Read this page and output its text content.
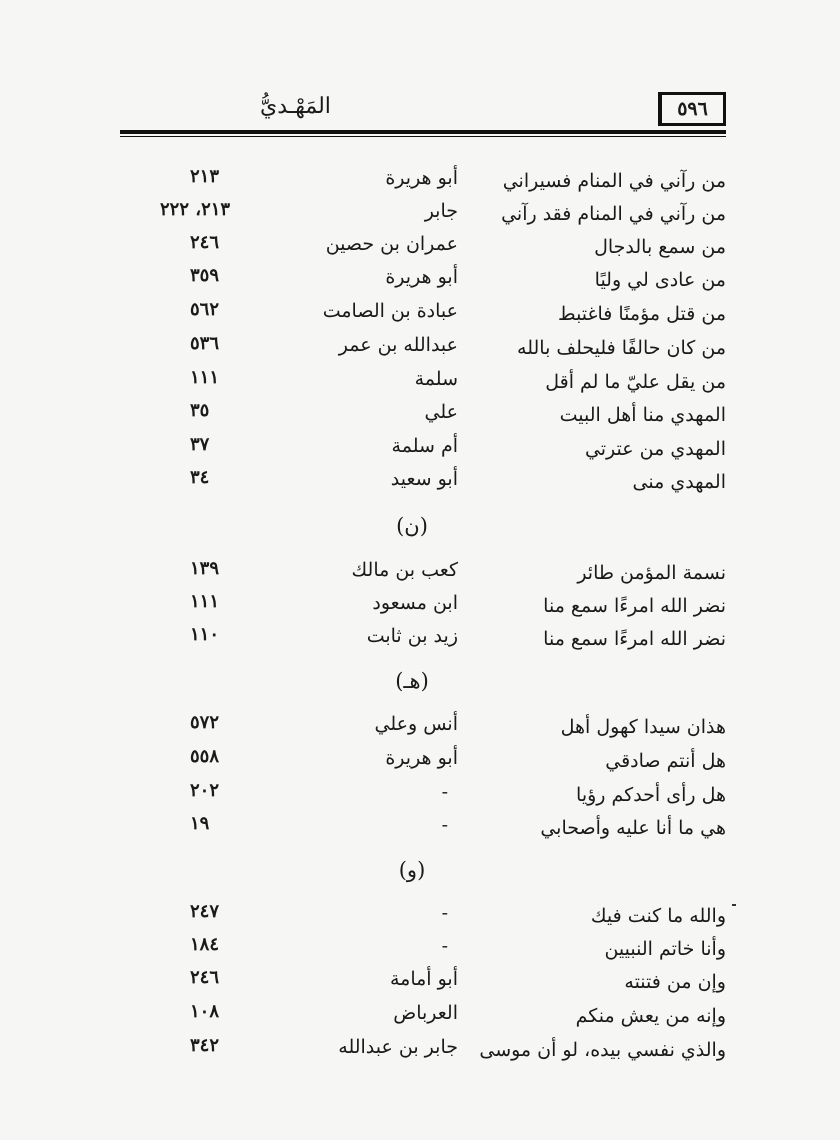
المَهْـديُّ	٥٩٦
من رآني في المنام فسيراني
أبو هريرة
٢١٣
من رآني في المنام فقد رآني
جابر
٢١٣، ٢٢٢
من سمع بالدجال
عمران بن حصين
٢٤٦
من عادى لي وليًا
أبو هريرة
٣٥٩
من قتل مؤمنًا فاغتبط
عبادة بن الصامت
٥٦٢
من كان حالفًا فليحلف بالله
عبدالله بن عمر
٥٣٦
من يقل عليّ ما لم أقل
سلمة
١١١
المهدي منا أهل البيت
علي
٣٥
المهدي من عترتي
أم سلمة
٣٧
المهدي منى
أبو سعيد
٣٤
(ن)
نسمة المؤمن طائر
كعب بن مالك
١٣٩
نضر الله امرءًا سمع منا
ابن مسعود
١١١
نضر الله امرءًا سمع منا
زيد بن ثابت
١١٠
(هـ)
هذان سيدا كهول أهل
أنس وعلي
٥٧٢
هل أنتم صادقي
أبو هريرة
٥٥٨
هل رأى أحدكم رؤيا
-
٢٠٢
هي ما أنا عليه وأصحابي
-
١٩
(و)
والله ما كنت فيك
-
٢٤٧
وأنا خاتم النبيين
-
١٨٤
وإن من فتنته
أبو أمامة
٢٤٦
وإنه من يعش منكم
العرباض
١٠٨
والذي نفسي بيده، لو أن موسى
جابر بن عبدالله
٣٤٢
